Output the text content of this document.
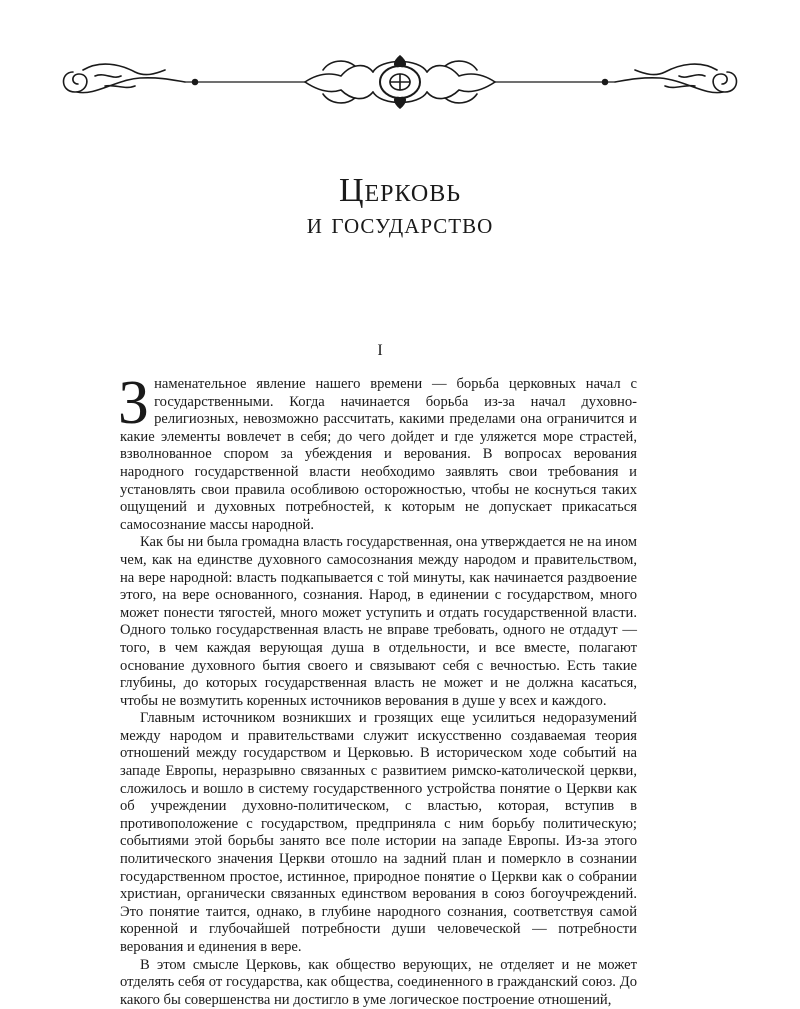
Церковь
и государство
I

Знаменательное явление нашего времени — борьба церковных начал с государственными. Когда начинается борьба из-за начал духовно-религиозных, невозможно рассчитать, какими пределами она ограничится и какие элементы вовлечет в себя; до чего дойдет и где уляжется море страстей, взволнованное спором за убеждения и верования. В вопросах верования народного государственной власти необходимо заявлять свои требования и установлять свои правила особливою осторожностью, чтобы не коснуться таких ощущений и духовных потребностей, к которым не допускает прикасаться самосознание массы народной.

Как бы ни была громадна власть государственная, она утверждается не на ином чем, как на единстве духовного самосознания между народом и правительством, на вере народной: власть подкапывается с той минуты, как начинается раздвоение этого, на вере основанного, сознания. Народ, в единении с государством, много может понести тягостей, много может уступить и отдать государственной власти. Одного только государственная власть не вправе требовать, одного не отдадут — того, в чем каждая верующая душа в отдельности, и все вместе, полагают основание духовного бытия своего и связывают себя с вечностью. Есть такие глубины, до которых государственная власть не может и не должна касаться, чтобы не возмутить коренных источников верования в душе у всех и каждого.

Главным источником возникших и грозящих еще усилиться недоразумений между народом и правительствами служит искусственно создаваемая теория отношений между государством и Церковью. В историческом ходе событий на западе Европы, неразрывно связанных с развитием римско-католической церкви, сложилось и вошло в систему государственного устройства понятие о Церкви как об учреждении духовно-политическом, с властью, которая, вступив в противоположение с государством, предприняла с ним борьбу политическую; событиями этой борьбы занято все поле истории на западе Европы. Из-за этого политического значения Церкви отошло на задний план и померкло в сознании государственном простое, истинное, природное понятие о Церкви как о собрании христиан, органически связанных единством верования в союз богоучреждений. Это понятие таится, однако, в глубине народного сознания, соответствуя самой коренной и глубочайшей потребности души человеческой — потребности верования и единения в вере.

В этом смысле Церковь, как общество верующих, не отделяет и не может отделять себя от государства, как общества, соединенного в гражданский союз. До какого бы совершенства ни достигло в уме логическое построение отношений,
